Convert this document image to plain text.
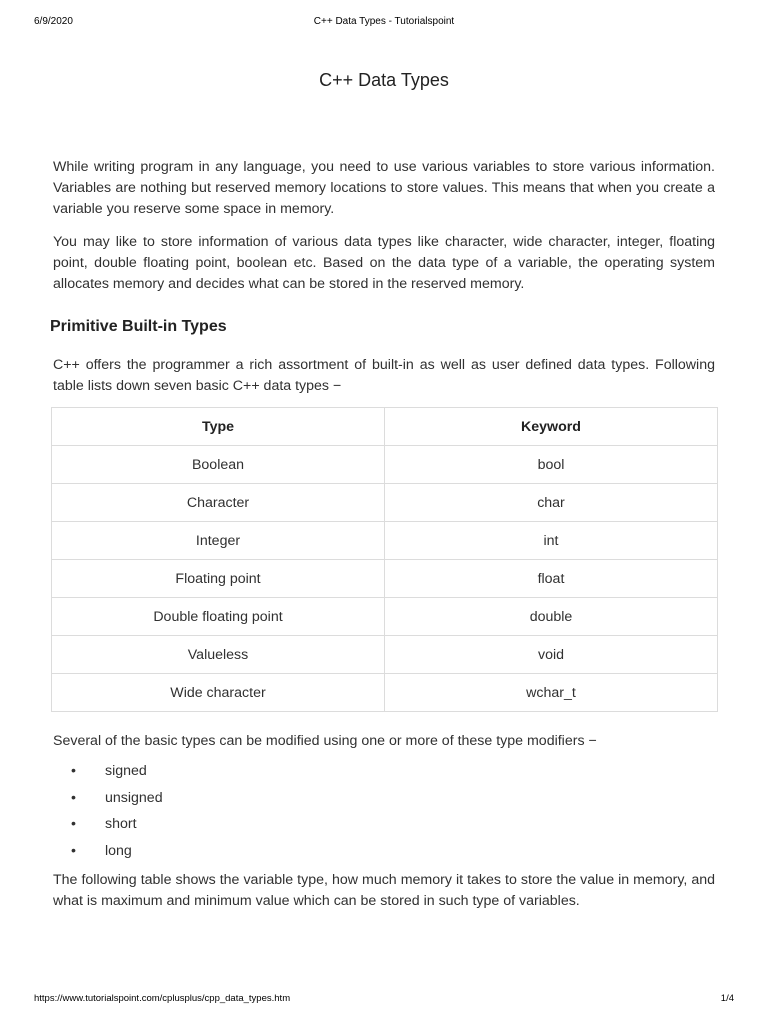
6/9/2020	C++ Data Types - Tutorialspoint
C++ Data Types

While writing program in any language, you need to use various variables to store various information. Variables are nothing but reserved memory locations to store values. This means that when you create a variable you reserve some space in memory.

You may like to store information of various data types like character, wide character, integer, floating point, double floating point, boolean etc. Based on the data type of a variable, the operating system allocates memory and decides what can be stored in the reserved memory.

Primitive Built-in Types

C++ offers the programmer a rich assortment of built-in as well as user defined data types. Following table lists down seven basic C++ data types −

Type	Keyword
Boolean	bool
Character	char
Integer	int
Floating point	float
Double floating point	double
Valueless	void
Wide character	wchar_t

Several of the basic types can be modified using one or more of these type modifiers −

• signed
• unsigned
• short
• long

The following table shows the variable type, how much memory it takes to store the value in memory, and what is maximum and minimum value which can be stored in such type of variables.

https://www.tutorialspoint.com/cplusplus/cpp_data_types.htm	1/4
